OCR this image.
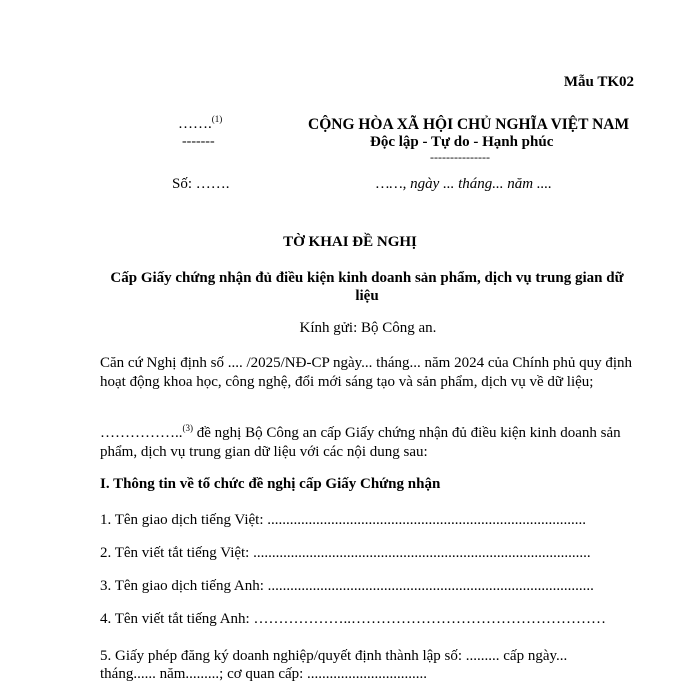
Mẫu TK02
…….$^{(1)}$
-------
Số: …….
CỘNG HÒA XÃ HỘI CHỦ NGHĨA VIỆT NAM
Độc lập - Tự do - Hạnh phúc
---------------
……, ngày ... tháng... năm ....
TỜ KHAI ĐỀ NGHỊ
Cấp Giấy chứng nhận đủ điều kiện kinh doanh sản phẩm, dịch vụ trung gian dữ
liệu
Kính gửi: Bộ Công an.
Căn cứ Nghị định số .... /2025/NĐ-CP ngày... tháng... năm 2024 của Chính phủ quy định hoạt động khoa học, công nghệ, đổi mới sáng tạo và sản phẩm, dịch vụ về dữ liệu;
……………..$^{(3)}$ đề nghị Bộ Công an cấp Giấy chứng nhận đủ điều kiện kinh doanh sản phẩm, dịch vụ trung gian dữ liệu với các nội dung sau:
I. Thông tin về tổ chức đề nghị cấp Giấy Chứng nhận
1. Tên giao dịch tiếng Việt: .....................................................................................
2. Tên viết tắt tiếng Việt: ..........................................................................................
3. Tên giao dịch tiếng Anh: .......................................................................................
4. Tên viết tắt tiếng Anh: ………………..……………………………………………
5. Giấy phép đăng ký doanh nghiệp/quyết định thành lập số: ......... cấp ngày...
tháng...... năm.........; cơ quan cấp: ................................
